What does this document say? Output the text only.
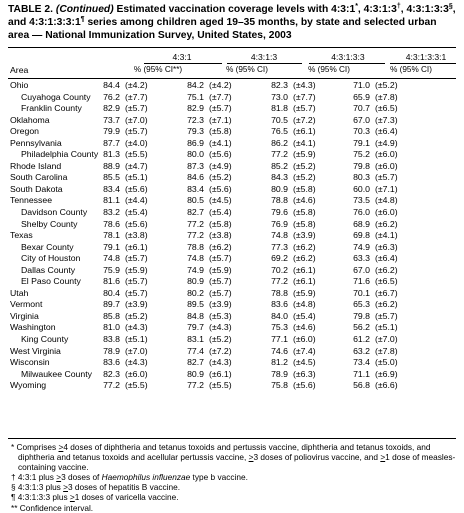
TABLE 2. (Continued) Estimated vaccination coverage levels with 4:3:1*, 4:3:1:3†, 4:3:1:3:3§, and 4:3:1:3:3:1¶ series among children aged 19–35 months, by state and selected urban area — National Immunization Survey, United States, 2003
4:3:1	4:3:1:3	4:3:1:3:3	4:3:1:3:3:1
Area	% (95% CI**)	% (95% CI)	% (95% CI)	% (95% CI)
Ohio	84.4 (±4.2)	84.2 (±4.2)	82.3 (±4.3)	71.0 (±5.2)
Cuyahoga County	76.2 (±7.7)	75.1 (±7.7)	73.0 (±7.7)	65.9 (±7.8)
Franklin County	82.9 (±5.7)	82.9 (±5.7)	81.8 (±5.7)	70.7 (±6.5)
Oklahoma	73.7 (±7.0)	72.3 (±7.1)	70.5 (±7.2)	67.0 (±7.3)
Oregon	79.9 (±5.7)	79.3 (±5.8)	76.5 (±6.1)	70.3 (±6.4)
Pennsylvania	87.7 (±4.0)	86.9 (±4.1)	86.2 (±4.1)	79.1 (±4.9)
Philadelphia County 81.3 (±5.5)	80.0 (±5.6)	77.2 (±5.9)	75.2 (±6.0)
Rhode Island	88.9 (±4.7)	87.3 (±4.9)	85.2 (±5.2)	79.8 (±6.0)
South Carolina	85.5 (±5.1)	84.6 (±5.2)	84.3 (±5.2)	80.3 (±5.7)
South Dakota	83.4 (±5.6)	83.4 (±5.6)	80.9 (±5.8)	60.0 (±7.1)
Tennessee	81.1 (±4.4)	80.5 (±4.5)	78.8 (±4.6)	73.5 (±4.8)
Davidson County	83.2 (±5.4)	82.7 (±5.4)	79.6 (±5.8)	76.0 (±6.0)
Shelby County	78.6 (±5.6)	77.2 (±5.8)	76.9 (±5.8)	68.9 (±6.2)
Texas	78.1 (±3.8)	77.2 (±3.8)	74.8 (±3.9)	69.8 (±4.1)
Bexar County	79.1 (±6.1)	78.8 (±6.2)	77.3 (±6.2)	74.9 (±6.3)
City of Houston	74.8 (±5.7)	74.8 (±5.7)	69.2 (±6.2)	63.3 (±6.4)
Dallas County	75.9 (±5.9)	74.9 (±5.9)	70.2 (±6.1)	67.0 (±6.2)
El Paso County	81.6 (±5.7)	80.9 (±5.7)	77.2 (±6.1)	71.6 (±6.5)
Utah	80.4 (±5.7)	80.2 (±5.7)	78.8 (±5.9)	70.1 (±6.7)
Vermont	89.7 (±3.9)	89.5 (±3.9)	83.6 (±4.8)	65.3 (±6.2)
Virginia	85.8 (±5.2)	84.8 (±5.3)	84.0 (±5.4)	79.8 (±5.7)
Washington	81.0 (±4.3)	79.7 (±4.3)	75.3 (±4.6)	56.2 (±5.1)
King County	83.8 (±5.1)	83.1 (±5.2)	77.1 (±6.0)	61.2 (±7.0)
West Virginia	78.9 (±7.0)	77.4 (±7.2)	74.6 (±7.4)	63.2 (±7.8)
Wisconsin	83.6 (±4.3)	82.7 (±4.3)	81.2 (±4.5)	73.4 (±5.0)
Milwaukee County	82.3 (±6.0)	80.9 (±6.1)	78.9 (±6.3)	71.1 (±6.9)
Wyoming	77.2 (±5.5)	77.2 (±5.5)	75.8 (±5.6)	56.8 (±6.6)

* Comprises >4 doses of diphtheria and tetanus toxoids and pertussis vaccine, diphtheria and tetanus toxoids, and diphtheria and tetanus toxoids and acellular pertussis vaccine, >3 doses of poliovirus vaccine, and >1 dose of measles-containing vaccine.

† 4:3:1 plus >3 doses of Haemophilus influenzae type b vaccine.

§ 4:3:1:3 plus >3 doses of hepatitis B vaccine.

¶ 4:3:1:3:3 plus >1 doses of varicella vaccine.

** Confidence interval.
